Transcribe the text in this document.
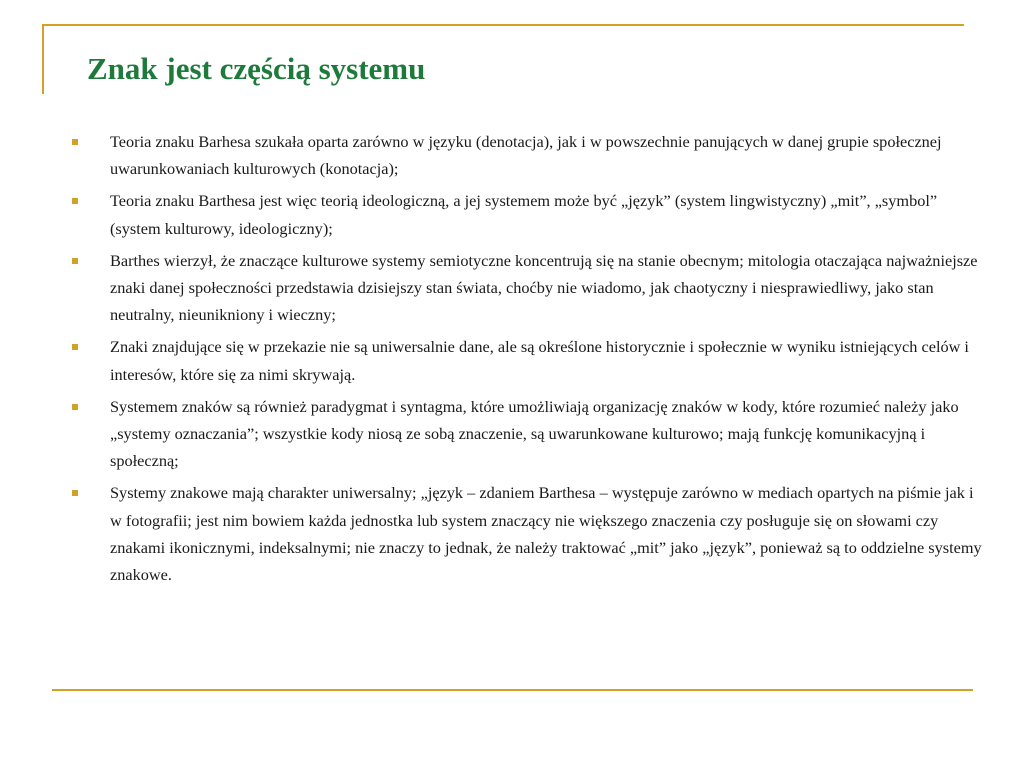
Znak jest częścią systemu
Teoria znaku Barhesa szukała oparta zarówno w języku (denotacja), jak i w powszechnie panujących w danej grupie społecznej uwarunkowaniach kulturowych (konotacja);
Teoria znaku Barthesa jest więc teorią ideologiczną, a jej systemem może być „język” (system lingwistyczny) „mit”, „symbol” (system kulturowy, ideologiczny);
Barthes wierzył, że znaczące kulturowe systemy semiotyczne koncentrują się na stanie obecnym; mitologia otaczająca najważniejsze znaki danej społeczności przedstawia dzisiejszy stan świata, choćby nie wiadomo, jak chaotyczny i niesprawiedliwy, jako stan neutralny, nieunikniony i wieczny;
Znaki znajdujące się w przekazie nie są uniwersalnie dane, ale są określone historycznie i społecznie w wyniku istniejących celów i interesów, które się za nimi skrywają.
Systemem znaków są również paradygmat i syntagma, które umożliwiają organizację znaków w kody, które rozumieć należy jako „systemy oznaczania”; wszystkie kody niosą ze sobą znaczenie, są uwarunkowane kulturowo; mają funkcję komunikacyjną i społeczną;
Systemy znakowe mają charakter uniwersalny; „język – zdaniem Barthesa – występuje zarówno w mediach opartych na piśmie jak i w fotografii; jest nim bowiem każda jednostka lub system znaczący nie większego znaczenia czy posługuje się on słowami czy znakami ikonicznymi, indeksalnymi; nie znaczy to jednak, że należy traktować „mit” jako „język”, ponieważ są to oddzielne systemy znakowe.
